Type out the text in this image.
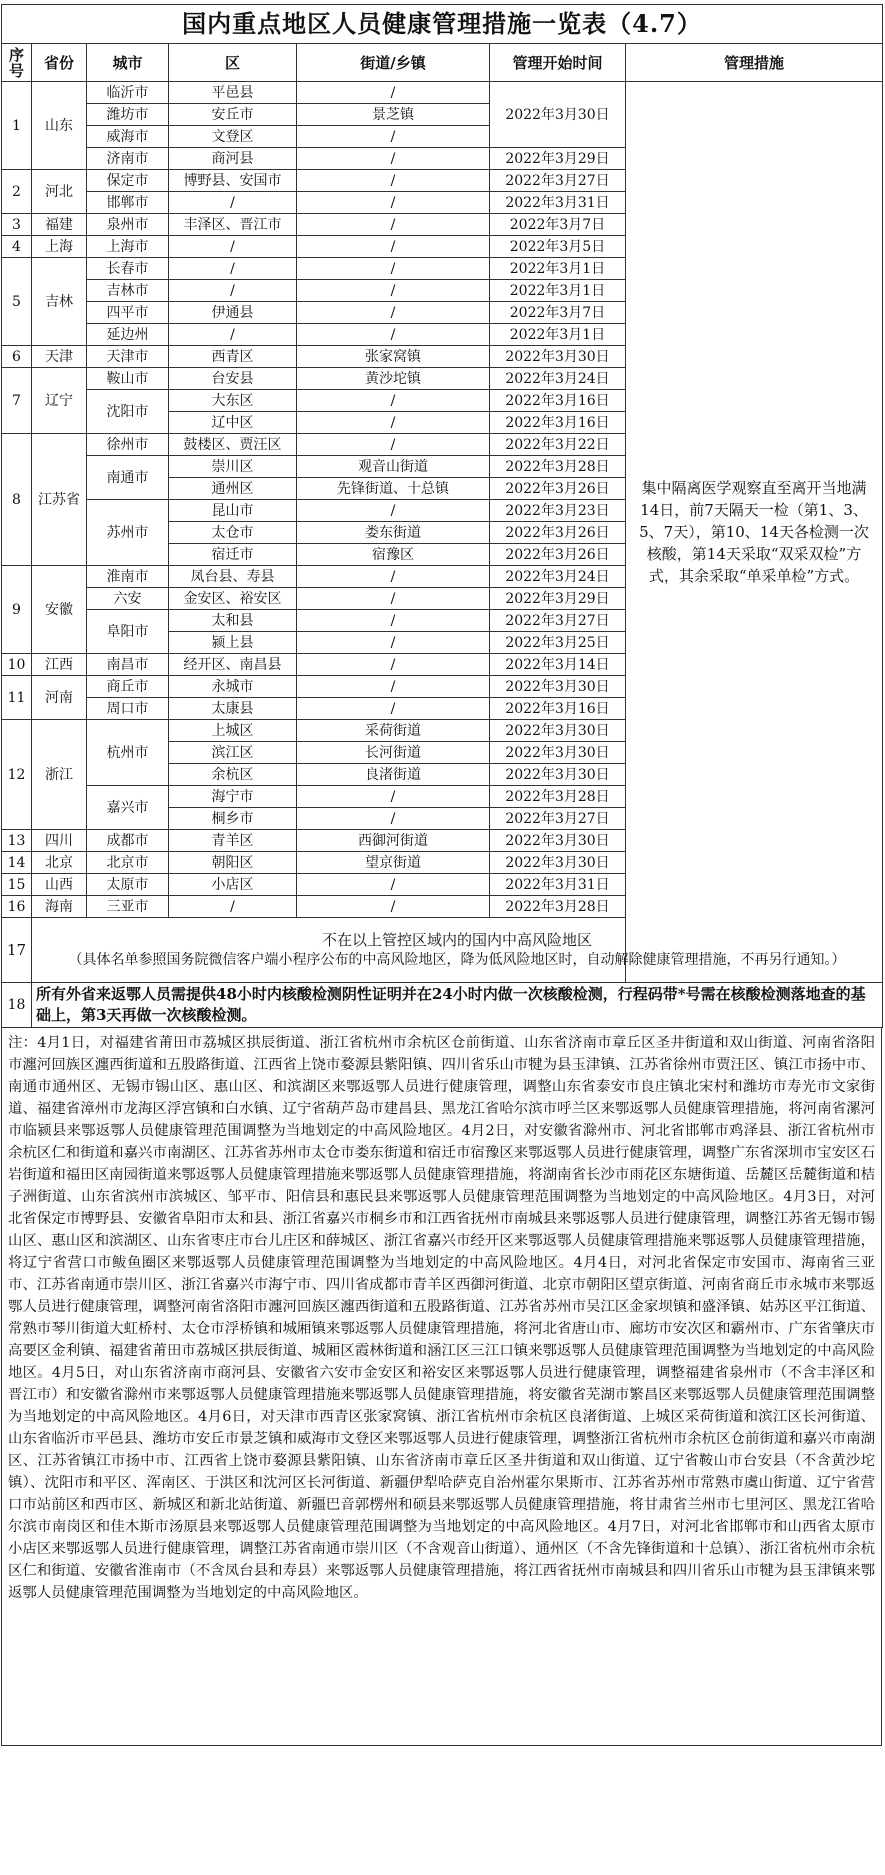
国内重点地区人员健康管理措施一览表（4.7）						
序号	省份	城市	区	街道/乡镇	管理开始时间	管理措施
1	山东	临沂市	平邑县	/	2022年3月30日	集中隔离医学观察直至离开当地满14日，前7天隔天一检（第1、3、5、7天），第10、14天各检测一次核酸，第14天采取“双采双检”方式，其余采取“单采单检”方式。
		潍坊市	安丘市	景芝镇		
		威海市	文登区	/		
		济南市	商河县	/	2022年3月29日	
2	河北	保定市	博野县、安国市	/	2022年3月27日	
		邯郸市	/	/	2022年3月31日	
3	福建	泉州市	丰泽区、晋江市	/	2022年3月7日	
4	上海	上海市	/	/	2022年3月5日	
5	吉林	长春市	/	/	2022年3月1日	
		吉林市	/	/	2022年3月1日	
		四平市	伊通县	/	2022年3月7日	
		延边州	/	/	2022年3月1日	
6	天津	天津市	西青区	张家窝镇	2022年3月30日	
7	辽宁	鞍山市	台安县	黄沙坨镇	2022年3月24日	
		沈阳市	大东区	/	2022年3月16日	
			辽中区	/	2022年3月16日	
8	江苏省	徐州市	鼓楼区、贾汪区	/	2022年3月22日	
		南通市	崇川区	观音山街道	2022年3月28日	
			通州区	先锋街道、十总镇	2022年3月26日	
		苏州市	昆山市	/	2022年3月23日	
			太仓市	娄东街道	2022年3月26日	
			宿迁市	宿豫区	2022年3月26日	
9	安徽	淮南市	凤台县、寿县	/	2022年3月24日	
		六安	金安区、裕安区	/	2022年3月29日	
		阜阳市	太和县	/	2022年3月27日	
			颍上县	/	2022年3月25日	
10	江西	南昌市	经开区、南昌县	/	2022年3月14日	
11	河南	商丘市	永城市	/	2022年3月30日	
		周口市	太康县	/	2022年3月16日	
12	浙江	杭州市	上城区	采荷街道	2022年3月30日	
			滨江区	长河街道	2022年3月30日	
			余杭区	良渚街道	2022年3月30日	
		嘉兴市	海宁市	/	2022年3月28日	
			桐乡市	/	2022年3月27日	
13	四川	成都市	青羊区	西御河街道	2022年3月30日	
14	北京	北京市	朝阳区	望京街道	2022年3月30日	
15	山西	太原市	小店区	/	2022年3月31日	
16	海南	三亚市	/	/	2022年3月28日	
17	不在以上管控区域内的国内中高风险地区
（具体名单参照国务院微信客户端小程序公布的中高风险地区，降为低风险地区时，自动解除健康管理措施，不再另行通知。）					

18	所有外省来返鄂人员需提供48小时内核酸检测阴性证明并在24小时内做一次核酸检测，行程码带*号需在核酸检测落地查的基础上，第3天再做一次核酸检测。					
注：4月1日，对福建省莆田市荔城区拱辰街道、浙江省杭州市余杭区仓前街道、山东省济南市章丘区圣井街道和双山街道、河南省洛阳市瀍河回族区瀍西街道和五股路街道、江西省上饶市婺源县紫阳镇、四川省乐山市犍为县玉津镇、江苏省徐州市贾汪区、镇江市扬中市、南通市通州区、无锡市锡山区、惠山区、和滨湖区来鄂返鄂人员进行健康管理，调整山东省泰安市良庄镇北宋村和潍坊市寿光市文家街道、福建省漳州市龙海区浮宫镇和白水镇、辽宁省葫芦岛市建昌县、黑龙江省哈尔滨市呼兰区来鄂返鄂人员健康管理措施，将河南省漯河市临颍县来鄂返鄂人员健康管理范围调整为当地划定的中高风险地区。4月2日，对安徽省滁州市、河北省邯郸市鸡泽县、浙江省杭州市余杭区仁和街道和嘉兴市南湖区、江苏省苏州市太仓市娄东街道和宿迁市宿豫区来鄂返鄂人员进行健康管理，调整广东省深圳市宝安区石岩街道和福田区南园街道来鄂返鄂人员健康管理措施来鄂返鄂人员健康管理措施，将湖南省长沙市雨花区东塘街道、岳麓区岳麓街道和桔子洲街道、山东省滨州市滨城区、邹平市、阳信县和惠民县来鄂返鄂人员健康管理范围调整为当地划定的中高风险地区。4月3日，对河北省保定市博野县、安徽省阜阳市太和县、浙江省嘉兴市桐乡市和江西省抚州市南城县来鄂返鄂人员进行健康管理，调整江苏省无锡市锡山区、惠山区和滨湖区、山东省枣庄市台儿庄区和薛城区、浙江省嘉兴市经开区来鄂返鄂人员健康管理措施来鄂返鄂人员健康管理措施，将辽宁省营口市鲅鱼圈区来鄂返鄂人员健康管理范围调整为当地划定的中高风险地区。4月4日，对河北省保定市安国市、海南省三亚市、江苏省南通市崇川区、浙江省嘉兴市海宁市、四川省成都市青羊区西御河街道、北京市朝阳区望京街道、河南省商丘市永城市来鄂返鄂人员进行健康管理，调整河南省洛阳市瀍河回族区瀍西街道和五股路街道、江苏省苏州市吴江区金家坝镇和盛泽镇、姑苏区平江街道、常熟市琴川街道大虹桥村、太仓市浮桥镇和城厢镇来鄂返鄂人员健康管理措施，将河北省唐山市、廊坊市安次区和霸州市、广东省肇庆市高要区金利镇、福建省莆田市荔城区拱辰街道、城厢区霞林街道和涵江区三江口镇来鄂返鄂人员健康管理范围调整为当地划定的中高风险地区。4月5日，对山东省济南市商河县、安徽省六安市金安区和裕安区来鄂返鄂人员进行健康管理，调整福建省泉州市（不含丰泽区和晋江市）和安徽省滁州市来鄂返鄂人员健康管理措施来鄂返鄂人员健康管理措施，将安徽省芜湖市繁昌区来鄂返鄂人员健康管理范围调整为当地划定的中高风险地区。4月6日，对天津市西青区张家窝镇、浙江省杭州市余杭区良渚街道、上城区采荷街道和滨江区长河街道、山东省临沂市平邑县、潍坊市安丘市景芝镇和威海市文登区来鄂返鄂人员进行健康管理，调整浙江省杭州市余杭区仓前街道和嘉兴市南湖区、江苏省镇江市扬中市、江西省上饶市婺源县紫阳镇、山东省济南市章丘区圣井街道和双山街道、辽宁省鞍山市台安县（不含黄沙坨镇）、沈阳市和平区、浑南区、于洪区和沈河区长河街道、新疆伊犁哈萨克自治州霍尔果斯市、江苏省苏州市常熟市虞山街道、辽宁省营口市站前区和西市区、新城区和新北站街道、新疆巴音郭楞州和硕县来鄂返鄂人员健康管理措施，将甘肃省兰州市七里河区、黑龙江省哈尔滨市南岗区和佳木斯市汤原县来鄂返鄂人员健康管理范围调整为当地划定的中高风险地区。4月7日，对河北省邯郸市和山西省太原市小店区来鄂返鄂人员进行健康管理，调整江苏省南通市崇川区（不含观音山街道）、通州区（不含先锋街道和十总镇）、浙江省杭州市余杭区仁和街道、安徽省淮南市（不含凤台县和寿县）来鄂返鄂人员健康管理措施，将江西省抚州市南城县和四川省乐山市犍为县玉津镇来鄂返鄂人员健康管理范围调整为当地划定的中高风险地区。
